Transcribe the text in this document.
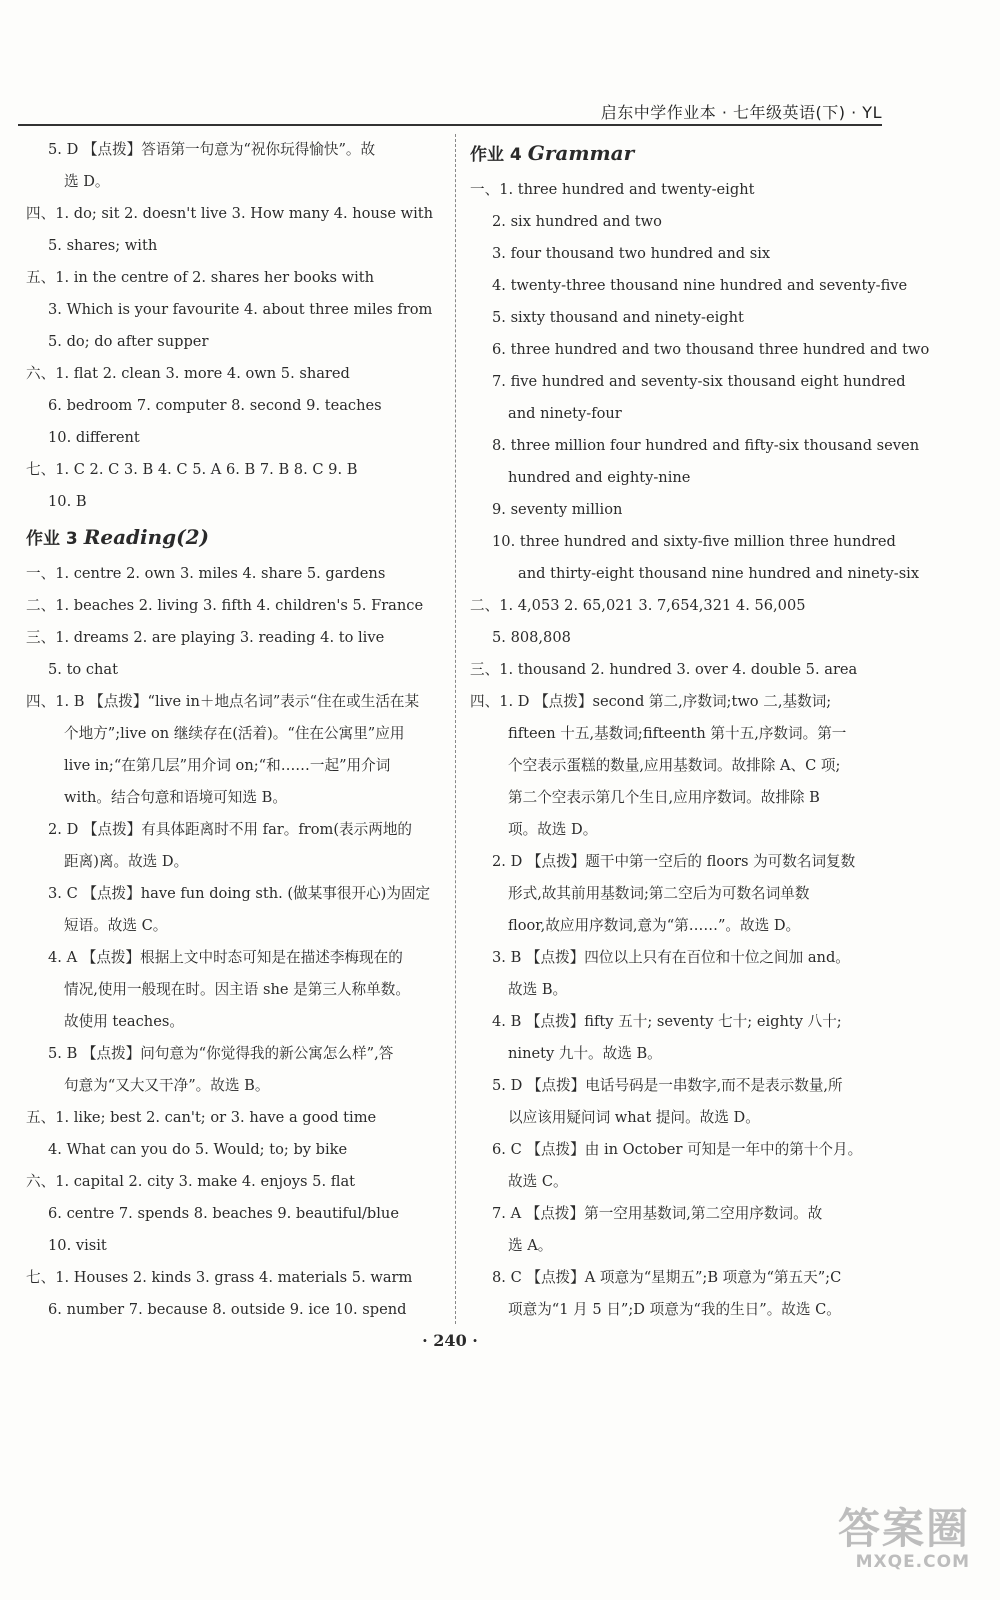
启东中学作业本 · 七年级英语(下) · YL
5. D 【点拨】答语第一句意为“祝你玩得愉快”。故
选 D。
四、1. do; sit 2. doesn't live 3. How many 4. house with
5. shares; with
五、1. in the centre of 2. shares her books with
3. Which is your favourite 4. about three miles from
5. do; do after supper
六、1. flat 2. clean 3. more 4. own 5. shared
6. bedroom 7. computer 8. second 9. teaches
10. different
七、1. C 2. C 3. B 4. C 5. A 6. B 7. B 8. C 9. B
10. B
作业 3 Reading(2)
一、1. centre 2. own 3. miles 4. share 5. gardens
二、1. beaches 2. living 3. fifth 4. children's 5. France
三、1. dreams 2. are playing 3. reading 4. to live
5. to chat
四、1. B 【点拨】“live in＋地点名词”表示“住在或生活在某
个地方”;live on 继续存在(活着)。“住在公寓里”应用
live in;“在第几层”用介词 on;“和……一起”用介词
with。结合句意和语境可知选 B。
2. D 【点拨】有具体距离时不用 far。from(表示两地的
距离)离。故选 D。
3. C 【点拨】have fun doing sth. (做某事很开心)为固定
短语。故选 C。
4. A 【点拨】根据上文中时态可知是在描述李梅现在的
情况,使用一般现在时。因主语 she 是第三人称单数。
故使用 teaches。
5. B 【点拨】问句意为“你觉得我的新公寓怎么样”,答
句意为“又大又干净”。故选 B。
五、1. like; best 2. can't; or 3. have a good time
4. What can you do 5. Would; to; by bike
六、1. capital 2. city 3. make 4. enjoys 5. flat
6. centre 7. spends 8. beaches 9. beautiful/blue
10. visit
七、1. Houses 2. kinds 3. grass 4. materials 5. warm
6. number 7. because 8. outside 9. ice 10. spend
作业 4 Grammar
一、1. three hundred and twenty-eight
2. six hundred and two
3. four thousand two hundred and six
4. twenty-three thousand nine hundred and seventy-five
5. sixty thousand and ninety-eight
6. three hundred and two thousand three hundred and two
7. five hundred and seventy-six thousand eight hundred
and ninety-four
8. three million four hundred and fifty-six thousand seven
hundred and eighty-nine
9. seventy million
10. three hundred and sixty-five million three hundred
and thirty-eight thousand nine hundred and ninety-six
二、1. 4,053 2. 65,021 3. 7,654,321 4. 56,005
5. 808,808
三、1. thousand 2. hundred 3. over 4. double 5. area
四、1. D 【点拨】second 第二,序数词;two 二,基数词;
fifteen 十五,基数词;fifteenth 第十五,序数词。第一
个空表示蛋糕的数量,应用基数词。故排除 A、C 项;
第二个空表示第几个生日,应用序数词。故排除 B
项。故选 D。
2. D 【点拨】题干中第一空后的 floors 为可数名词复数
形式,故其前用基数词;第二空后为可数名词单数
floor,故应用序数词,意为“第……”。故选 D。
3. B 【点拨】四位以上只有在百位和十位之间加 and。
故选 B。
4. B 【点拨】fifty 五十; seventy 七十; eighty 八十;
ninety 九十。故选 B。
5. D 【点拨】电话号码是一串数字,而不是表示数量,所
以应该用疑问词 what 提问。故选 D。
6. C 【点拨】由 in October 可知是一年中的第十个月。
故选 C。
7. A 【点拨】第一空用基数词,第二空用序数词。故
选 A。
8. C 【点拨】A 项意为“星期五”;B 项意为“第五天”;C
项意为“1 月 5 日”;D 项意为“我的生日”。故选 C。
· 240 ·
答案圈
MXQE.COM
